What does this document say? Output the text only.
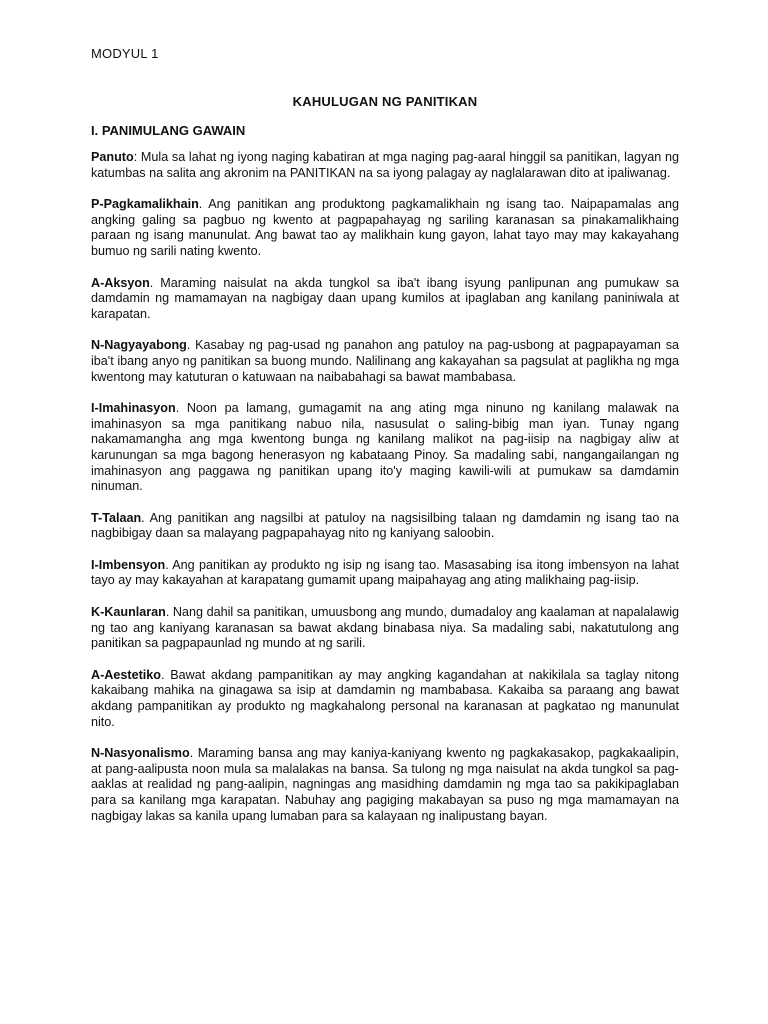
MODYUL 1
KAHULUGAN NG PANITIKAN
I. PANIMULANG GAWAIN

Panuto: Mula sa lahat ng iyong naging kabatiran at mga naging pag-aaral hinggil sa panitikan, lagyan ng katumbas na salita ang akronim na PANITIKAN na sa iyong palagay ay naglalarawan dito at ipaliwanag.

P-Pagkamalikhain. Ang panitikan ang produktong pagkamalikhain ng isang tao. Naipapamalas ang angking galing sa pagbuo ng kwento at pagpapahayag ng sariling karanasan sa pinakamalikhaing paraan ng isang manunulat. Ang bawat tao ay malikhain kung gayon, lahat tayo may may kakayahang bumuo ng sarili nating kwento.

A-Aksyon. Maraming naisulat na akda tungkol sa iba't ibang isyung panlipunan ang pumukaw sa damdamin ng mamamayan na nagbigay daan upang kumilos at ipaglaban ang kanilang paniniwala at karapatan.

N-Nagyayabong. Kasabay ng pag-usad ng panahon ang patuloy na pag-usbong at pagpapayaman sa iba't ibang anyo ng panitikan sa buong mundo. Nalilinang ang kakayahan sa pagsulat at paglikha ng mga kwentong may katuturan o katuwaan na naibabahagi sa bawat mambabasa.

I-Imahinasyon. Noon pa lamang, gumagamit na ang ating mga ninuno ng kanilang malawak na imahinasyon sa mga panitikang nabuo nila, nasusulat o saling-bibig man iyan. Tunay ngang nakamamangha ang mga kwentong bunga ng kanilang malikot na pag-iisip na nagbigay aliw at karunungan sa mga bagong henerasyon ng kabataang Pinoy. Sa madaling sabi, nangangailangan ng imahinasyon ang paggawa ng panitikan upang ito'y maging kawili-wili at pumukaw sa damdamin ninuman.

T-Talaan. Ang panitikan ang nagsilbi at patuloy na nagsisilbing talaan ng damdamin ng isang tao na nagbibigay daan sa malayang pagpapahayag nito ng kaniyang saloobin.

I-Imbensyon. Ang panitikan ay produkto ng isip ng isang tao. Masasabing isa itong imbensyon na lahat tayo ay may kakayahan at karapatang gumamit upang maipahayag ang ating malikhaing pag-iisip.

K-Kaunlaran. Nang dahil sa panitikan, umuusbong ang mundo, dumadaloy ang kaalaman at napalalawig ng tao ang kaniyang karanasan sa bawat akdang binabasa niya. Sa madaling sabi, nakatutulong ang panitikan sa pagpapaunlad ng mundo at ng sarili.

A-Aestetiko. Bawat akdang pampanitikan ay may angking kagandahan at nakikilala sa taglay nitong kakaibang mahika na ginagawa sa isip at damdamin ng mambabasa. Kakaiba sa paraang ang bawat akdang pampanitikan ay produkto ng magkahalong personal na karanasan at pagkatao ng manunulat nito.

N-Nasyonalismo. Maraming bansa ang may kaniya-kaniyang kwento ng pagkakasakop, pagkakaalipin, at pang-aalipusta noon mula sa malalakas na bansa. Sa tulong ng mga naisulat na akda tungkol sa pag-aaklas at realidad ng pang-aalipin, nagningas ang masidhing damdamin ng mga tao sa pakikipaglaban para sa kanilang mga karapatan. Nabuhay ang pagiging makabayan sa puso ng mga mamamayan na nagbigay lakas sa kanila upang lumaban para sa kalayaan ng inalipustang bayan.
